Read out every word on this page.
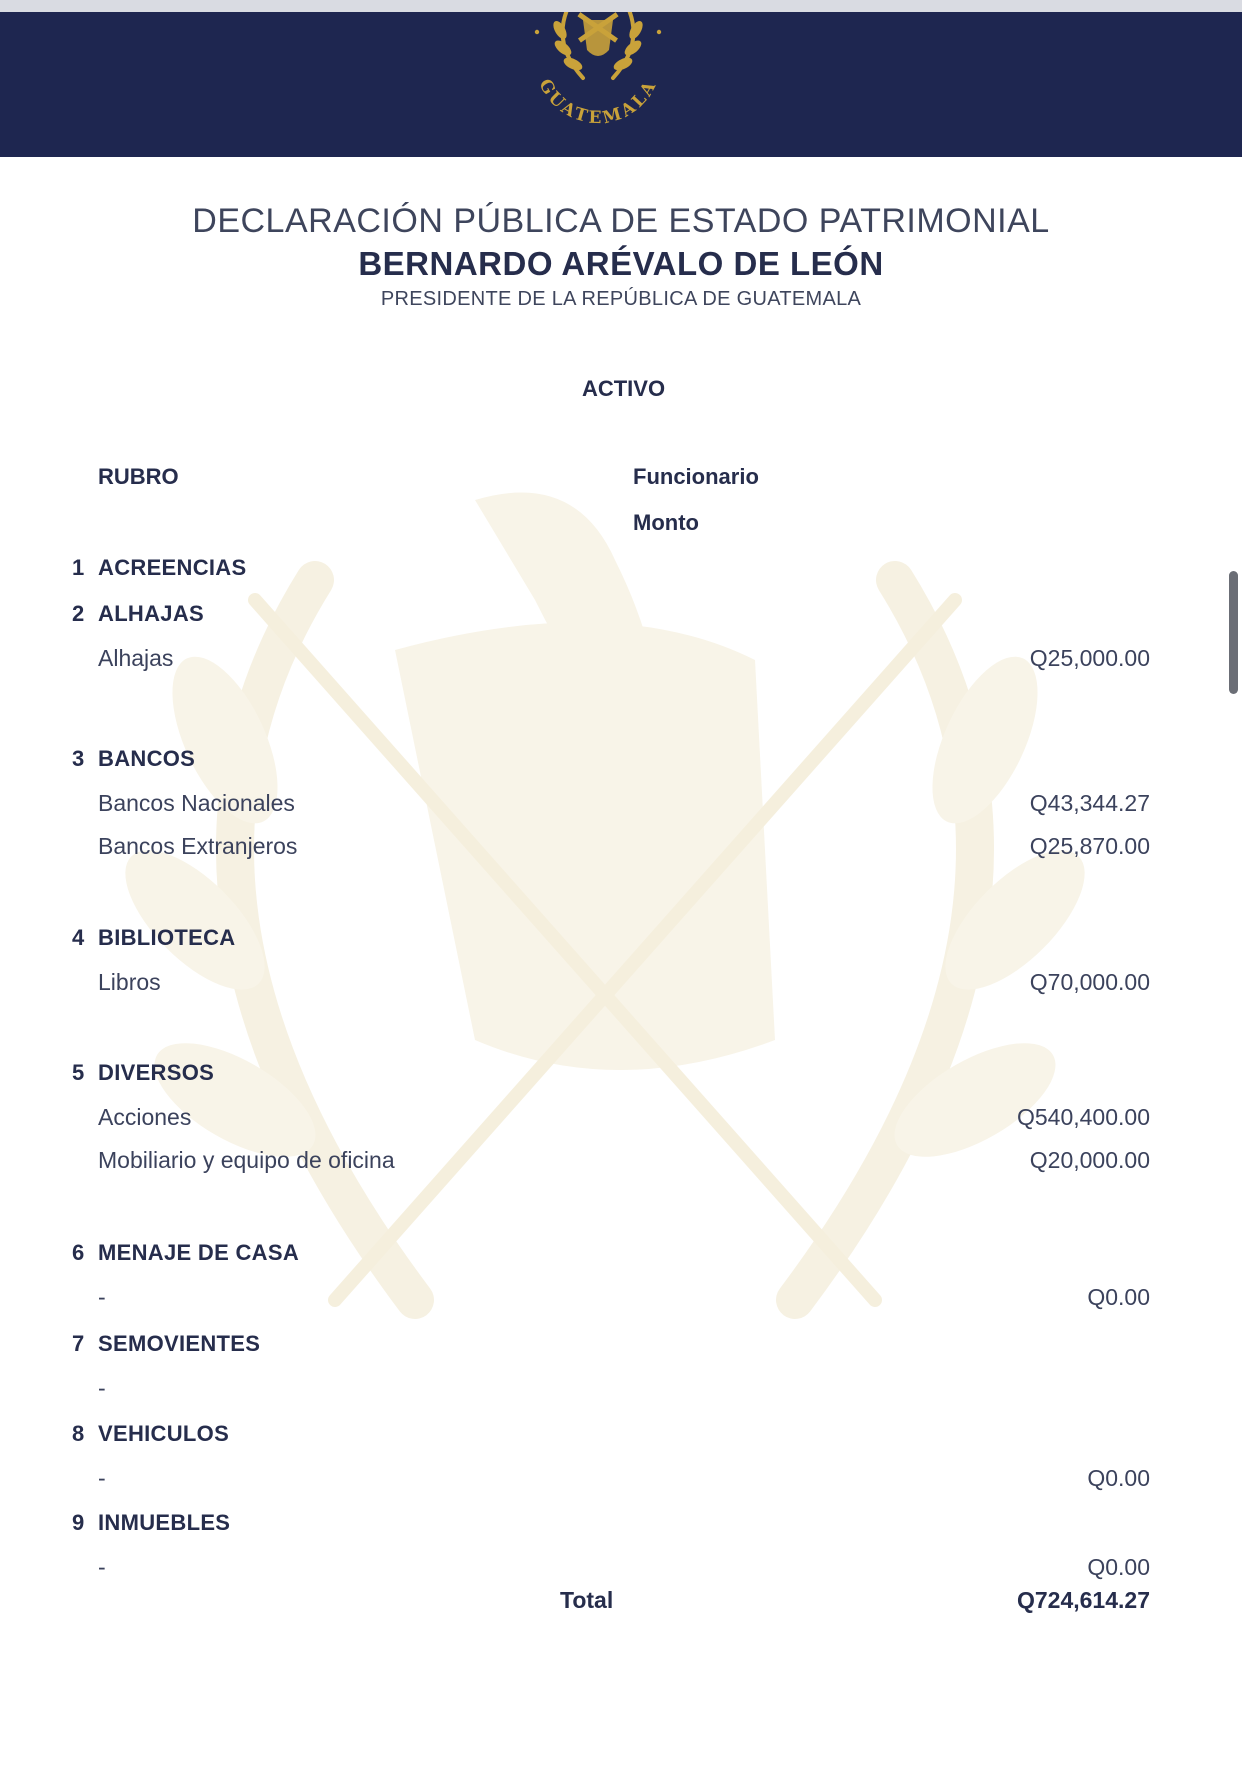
GUATEMALA
DECLARACIÓN PÚBLICA DE ESTADO PATRIMONIAL
BERNARDO ARÉVALO DE LEÓN
PRESIDENTE DE LA REPÚBLICA DE GUATEMALA
ACTIVO
RUBRO	Funcionario
Monto
1 ACREENCIAS
2 ALHAJAS
Alhajas	Q25,000.00
3 BANCOS
Bancos Nacionales	Q43,344.27
Bancos Extranjeros	Q25,870.00
4 BIBLIOTECA
Libros	Q70,000.00
5 DIVERSOS
Acciones	Q540,400.00
Mobiliario y equipo de oficina	Q20,000.00
6 MENAJE DE CASA
-	Q0.00
7 SEMOVIENTES
-
8 VEHICULOS
-	Q0.00
9 INMUEBLES
-	Q0.00
Total	Q724,614.27
